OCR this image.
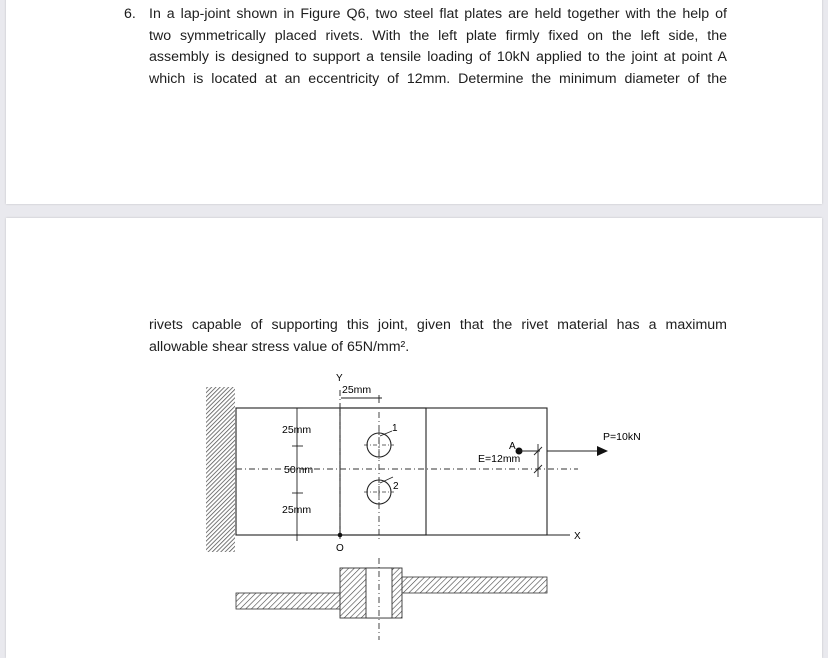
6. In a lap-joint shown in Figure Q6, two steel flat plates are held together with the help of
two symmetrically placed rivets. With the left plate firmly fixed on the left side, the
assembly is designed to support a tensile loading of 10kN applied to the joint at point A
which is located at an eccentricity of 12mm. Determine the minimum diameter of the
rivets capable of supporting this joint, given that the rivet material has a maximum
allowable shear stress value of 65N/mm².
Y
X
O
25mm
1
2
25mm
50mm
25mm
A
E=12mm
P=10kN
